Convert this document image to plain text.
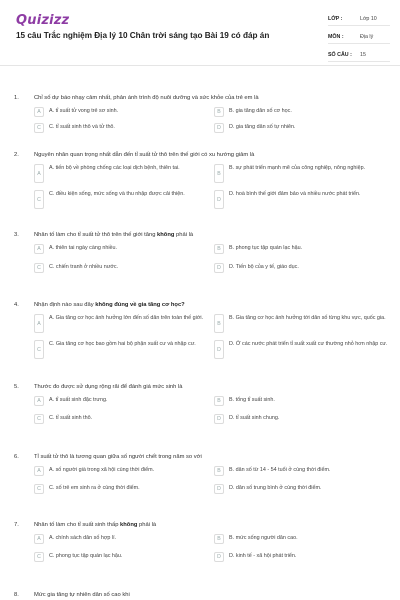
Quizizz
15 câu Trắc nghiệm Địa lý 10 Chân trời sáng tạo Bài 19 có đáp án
LỚP :	Lớp 10
MÔN :	Địa lý
SỐ CÂU :	15
1.	Chỉ số dự báo nhạy cảm nhất, phản ánh trình độ nuôi dưỡng và sức khỏe của trẻ em là
A	A. tỉ suất tử vong trẻ sơ sinh.	B	B. gia tăng dân số cơ học.
C	C. tỉ suất sinh thô và tử thô.	D	D. gia tăng dân số tự nhiên.
2.	Nguyên nhân quan trọng nhất dẫn đến tỉ suất tử thô trên thế giới có xu hướng giảm là
A
A. tiến bộ về phòng chống các loại dịch bệnh, thiên tai.
B
B. sự phát triển mạnh mẽ của công nghiệp, nông nghiệp.
C
C. điều kiện sống, mức sống và thu nhập được cải thiện.
D
D. hoà bình thế giới đảm bảo và nhiều nước phát triển.
3.	Nhân tố làm cho tỉ suất tử thô trên thế giới tăng không phải là
A	A. thiên tai ngày càng nhiều.	B	B. phong tục tập quán lạc hậu.
C	C. chiến tranh ở nhiều nước.	D	D. Tiến bộ của y tế, giáo dục.
4.	Nhận định nào sau đây không đúng về gia tăng cơ học?
A
A. Gia tăng cơ học ảnh hưởng lớn đến số dân trên toàn thế giới.
B
B. Gia tăng cơ học ảnh hưởng tới dân số từng khu vực, quốc gia.
C
C. Gia tăng cơ học bao gồm hai bộ phận xuất cư và nhập cư.
D
D. Ở các nước phát triển tỉ suất xuất cư thường nhỏ hơn nhập cư.
5.	Thước đo được sử dụng rộng rãi để đánh giá mức sinh là
A	A. tỉ suất sinh đặc trưng.	B	B. tổng tỉ suất sinh.
C	C. tỉ suất sinh thô.	D	D. tỉ suất sinh chung.
6.	Tỉ suất tử thô là tương quan giữa số người chết trong năm so với
A	A. số người già trong xã hội cùng thời điểm.	B	B. dân số từ 14 - 54 tuổi ở cùng thời điểm.
C	C. số trẻ em sinh ra ở cùng thời điểm.	D	D. dân số trung bình ở cùng thời điểm.
7.	Nhân tố làm cho tỉ suất sinh thấp không phải là
A	A. chính sách dân số hợp lí.	B	B. mức sống người dân cao.
C	C. phong tục tập quán lạc hậu.	D	D. kinh tế - xã hội phát triển.
8.	Mức gia tăng tự nhiên dân số cao khi
